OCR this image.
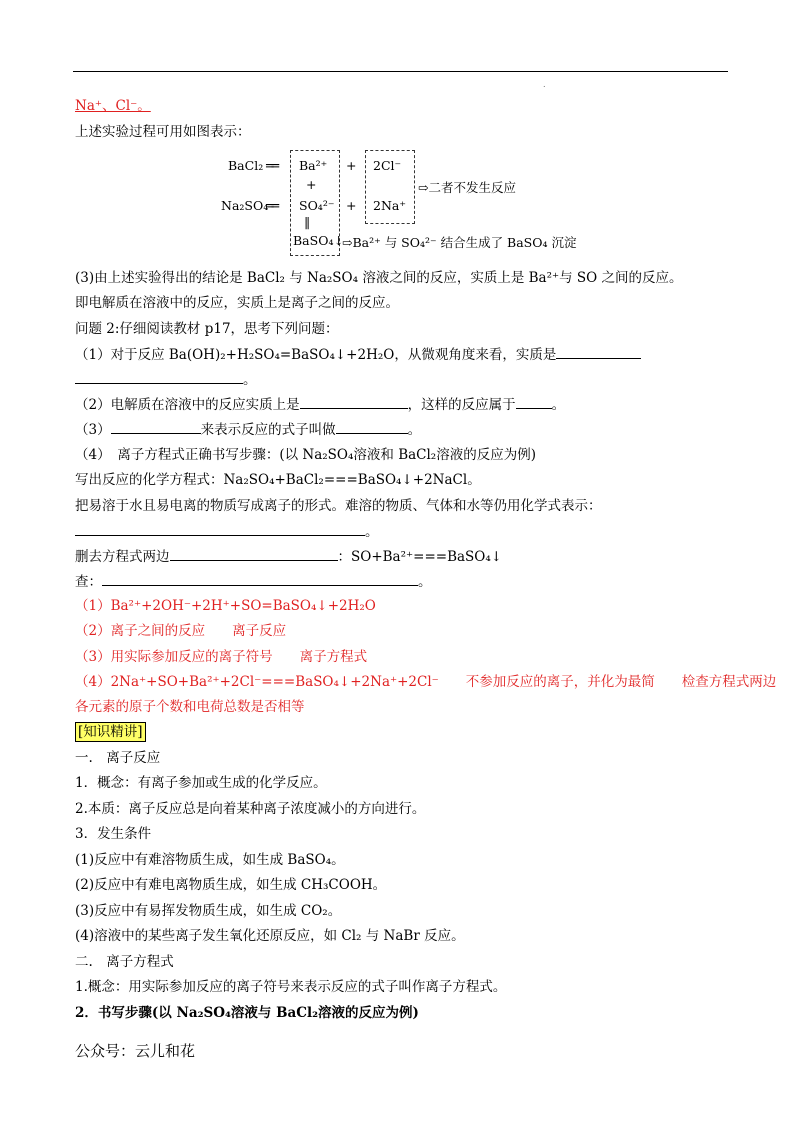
.
Na⁺、Cl⁻。
上述实验过程可用如图表示：
BaCl₂ ══
Na₂SO₄
══
Ba²⁺
+
SO₄²⁻
‖
BaSO₄↓
+
+
2Cl⁻
2Na⁺
⇨二者不发生反应
⇨Ba²⁺ 与 SO₄²⁻ 结合生成了 BaSO₄ 沉淀
(3)由上述实验得出的结论是 BaCl₂ 与 Na₂SO₄ 溶液之间的反应，实质上是 Ba²⁺与 SO 之间的反应。
即电解质在溶液中的反应，实质上是离子之间的反应。
问题 2:仔细阅读教材 p17，思考下列问题：
（1）对于反应 Ba(OH)₂+H₂SO₄=BaSO₄↓+2H₂O，从微观角度来看，实质是
。
（2）电解质在溶液中的反应实质上是	，这样的反应属于	。
（3）	来表示反应的式子叫做	。
（4）　离子方程式正确书写步骤：(以 Na₂SO₄溶液和 BaCl₂溶液的反应为例)
写出反应的化学方程式：Na₂SO₄+BaCl₂===BaSO₄↓+2NaCl。
把易溶于水且易电离的物质写成离子的形式。难溶的物质、气体和水等仍用化学式表示：
。
删去方程式两边	：SO+Ba²⁺===BaSO₄↓
查：	。
（1）Ba²⁺+2OH⁻+2H⁺+SO=BaSO₄↓+2H₂O
（2）离子之间的反应　　离子反应
（3）用实际参加反应的离子符号　　离子方程式
（4）2Na⁺+SO+Ba²⁺+2Cl⁻===BaSO₄↓+2Na⁺+2Cl⁻　　不参加反应的离子，并化为最简　　检查方程式两边
各元素的原子个数和电荷总数是否相等
[知识精讲]
一.　离子反应
1．概念：有离子参加或生成的化学反应。
2.本质：离子反应总是向着某种离子浓度减小的方向进行。
3．发生条件
(1)反应中有难溶物质生成，如生成 BaSO₄。
(2)反应中有难电离物质生成，如生成 CH₃COOH。
(3)反应中有易挥发物质生成，如生成 CO₂。
(4)溶液中的某些离子发生氧化还原反应，如 Cl₂ 与 NaBr 反应。
二.　离子方程式
1.概念：用实际参加反应的离子符号来表示反应的式子叫作离子方程式。
2．书写步骤(以 Na₂SO₄溶液与 BaCl₂溶液的反应为例)
公众号：云儿和花
